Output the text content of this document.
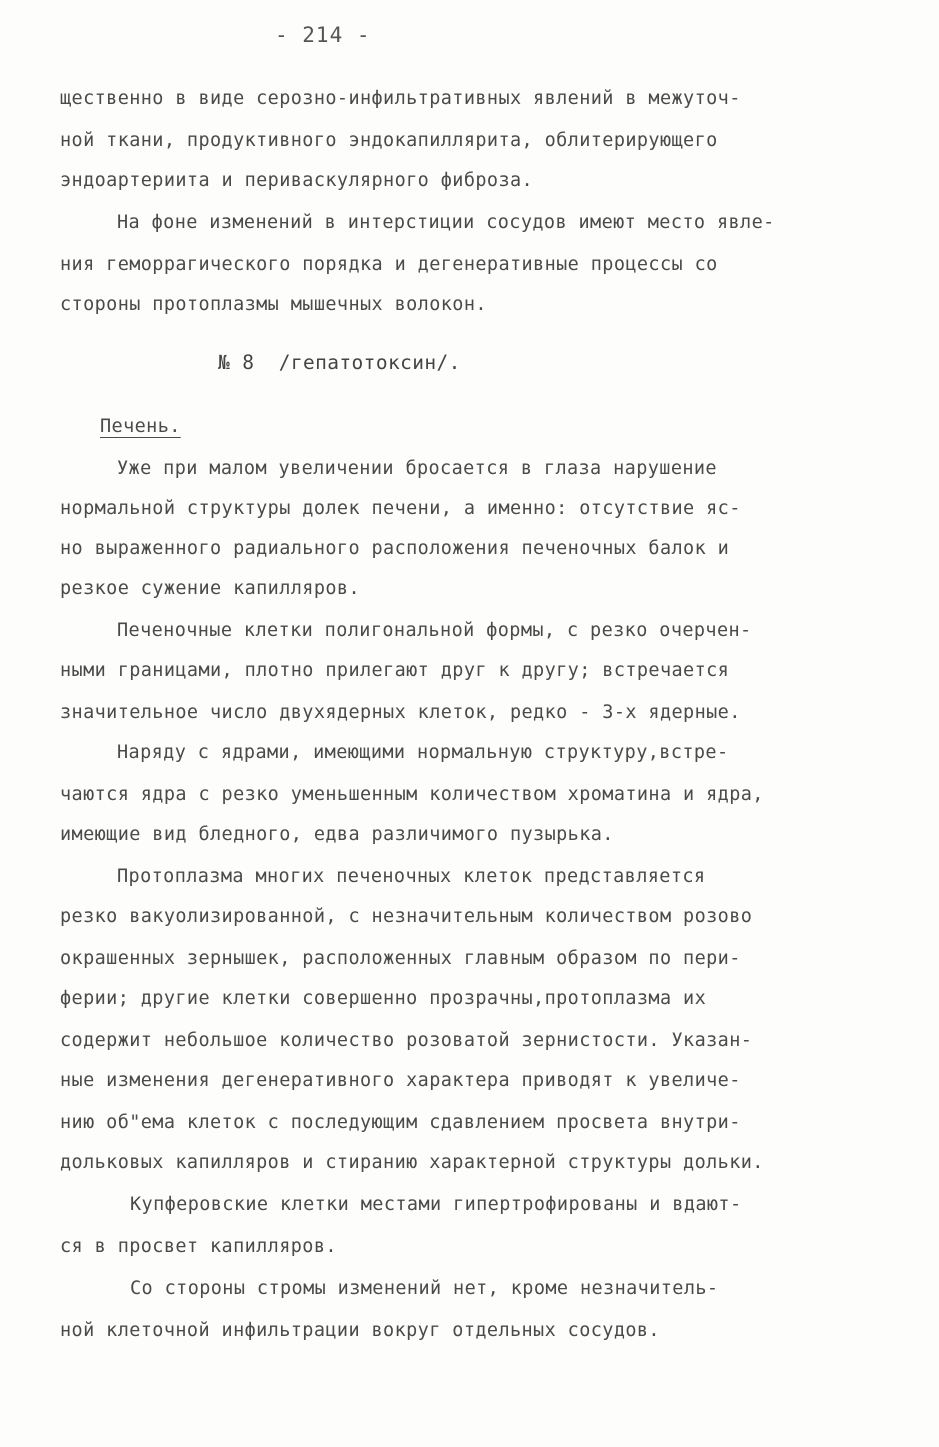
- 214 -
щественно в виде серозно-инфильтративных явлений в межуточ-
ной ткани, продуктивного эндокапиллярита, облитерирующего
эндоартериита и периваскулярного фиброза.
На фоне изменений в интерстиции сосудов имеют место явле-
ния геморрагического порядка и дегенеративные процессы со
стороны протоплазмы мышечных волокон.
№ 8  /гепатотоксин/.
Печень.
Уже при малом увеличении бросается в глаза нарушение
нормальной структуры долек печени, а именно: отсутствие яс-
но выраженного радиального расположения печеночных балок и
резкое сужение капилляров.
Печеночные клетки полигональной формы, с резко очерчен-
ными границами, плотно прилегают друг к другу; встречается
значительное число двухядерных клеток, редко - 3-х ядерные.
Наряду с ядрами, имеющими нормальную структуру,встре-
чаются ядра с резко уменьшенным количеством хроматина и ядра,
имеющие вид бледного, едва различимого пузырька.
Протоплазма многих печеночных клеток представляется
резко вакуолизированной, с незначительным количеством розово
окрашенных зернышек, расположенных главным образом по пери-
ферии; другие клетки совершенно прозрачны,протоплазма их
содержит небольшое количество розоватой зернистости. Указан-
ные изменения дегенеративного характера приводят к увеличе-
нию об"ема клеток с последующим сдавлением просвета внутри-
дольковых капилляров и стиранию характерной структуры дольки.
Купферовские клетки местами гипертрофированы и вдают-
ся в просвет капилляров.
Со стороны стромы изменений нет, кроме незначитель-
ной клеточной инфильтрации вокруг отдельных сосудов.
